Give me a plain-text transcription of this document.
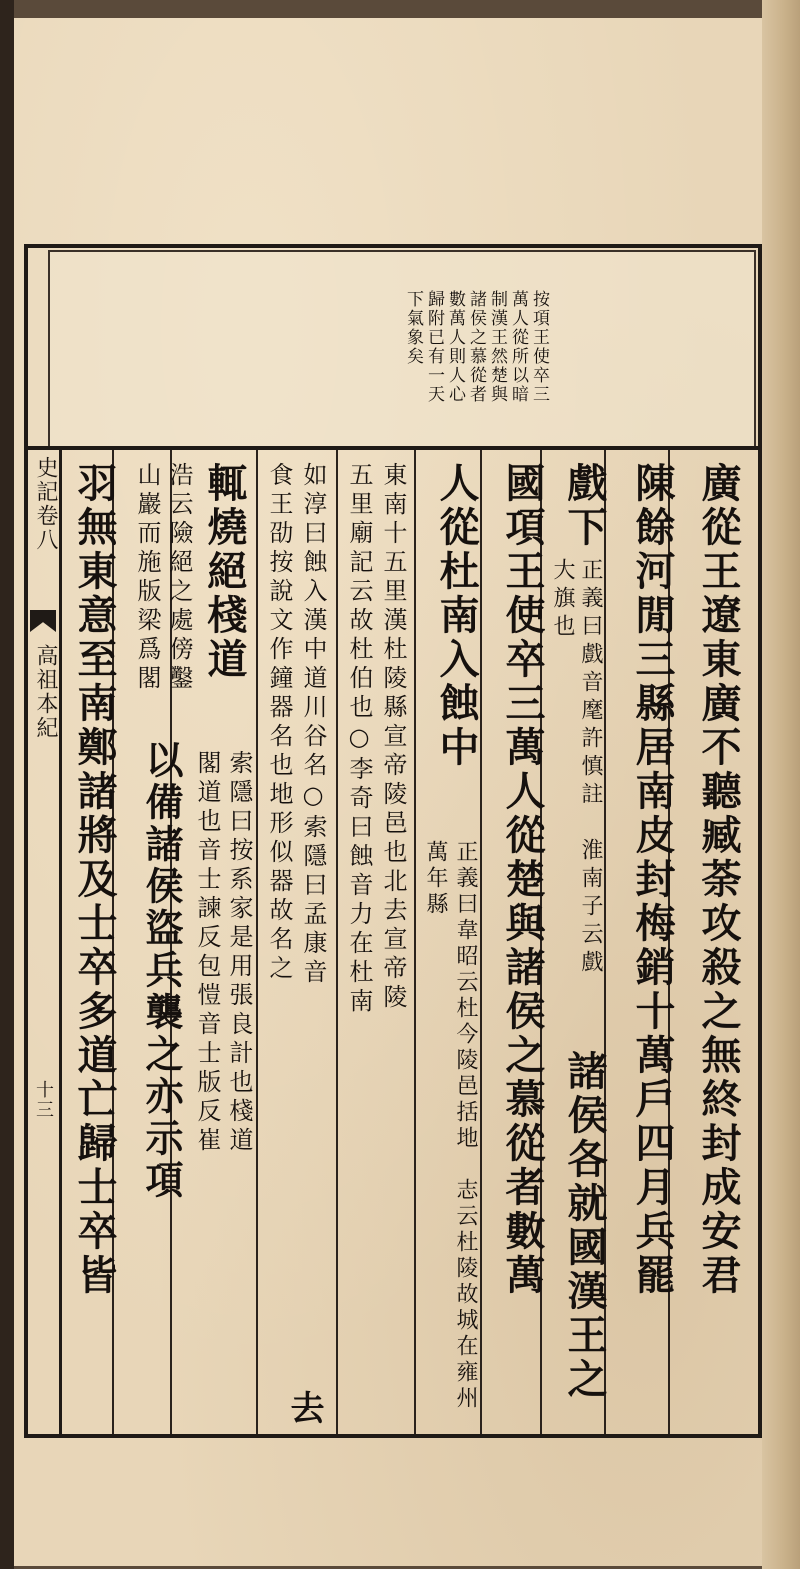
按項王使卒三
萬人從所以暗
制漢王然楚與
諸侯之慕從者
數萬人則人心
歸附已有一天
下氣象矣
史記卷八
高祖本紀
十三	廣從王遼東廣不聽臧荼攻殺之無終封成安君
陳餘河閒三縣居南皮封梅銷十萬戶四月兵罷
戲下
正義曰戲音麾許慎註　淮南子云戲大旗也
諸侯各就國漢王之
國項王使卒三萬人從楚與諸侯之慕從者數萬
人從杜南入蝕中
正義曰韋昭云杜今陵邑括地　志云杜陵故城在雍州萬年縣
東南十五里漢杜陵縣宣帝陵邑也北去宣帝陵
五里廟記云故杜伯也○李奇曰蝕音力在杜南
如淳曰蝕入漢中道川谷名○索隱曰孟康音
食王劭按說文作鐘器名也地形似器故名之
去
輒燒絕棧道
索隱曰按系家是用張良計也棧道
閣道也音士諫反包愷音士版反崔
浩云險絕之處傍鑿
山巖而施版梁爲閣
以備諸侯盜兵襲之亦示項
羽無東意至南鄭諸將及士卒多道亡歸士卒皆
